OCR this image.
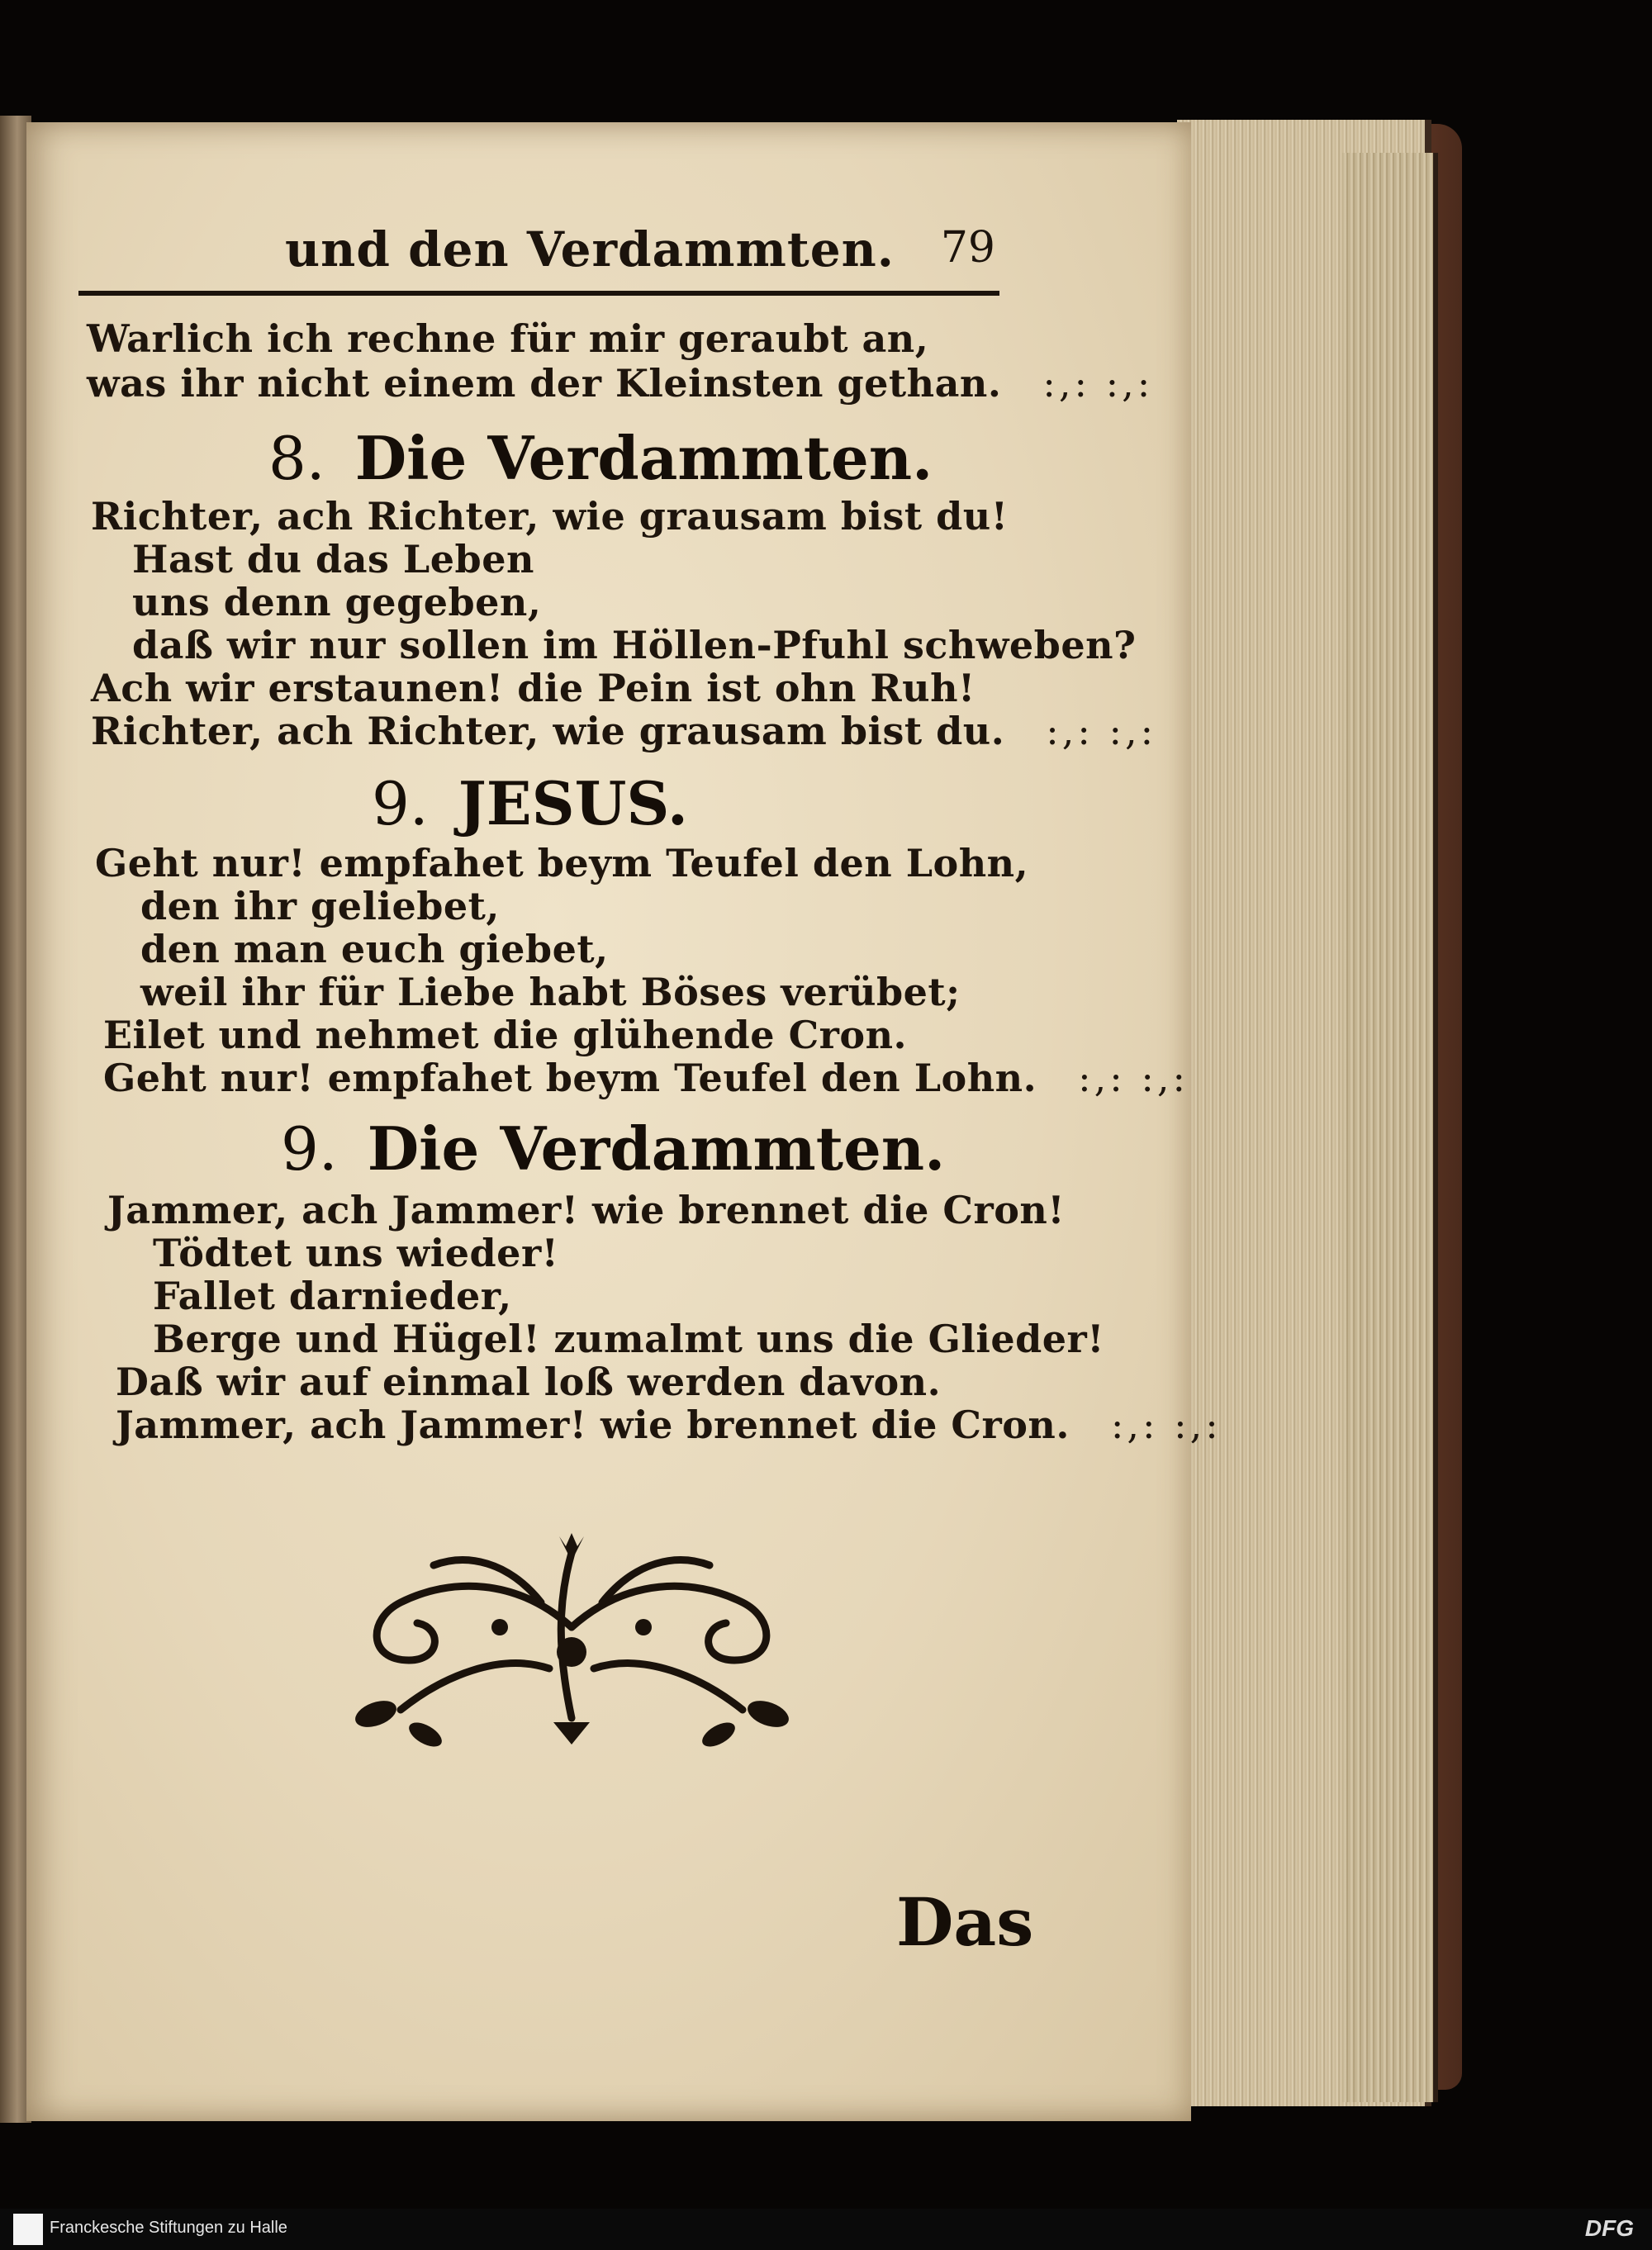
und den Verdammten. 79
Warlich ich rechne für mir geraubt an,
was ihr nicht einem der Kleinsten gethan. :,: :,:
8. Die Verdammten.
Richter, ach Richter, wie grausam bist du!
Hast du das Leben
uns denn gegeben,
daß wir nur sollen im Höllen-Pfuhl schweben?
Ach wir erstaunen! die Pein ist ohn Ruh!
Richter, ach Richter, wie grausam bist du. :,: :,:
9. JESUS.
Geht nur! empfahet beym Teufel den Lohn,
den ihr geliebet,
den man euch giebet,
weil ihr für Liebe habt Böses verübet;
Eilet und nehmet die glühende Cron.
Geht nur! empfahet beym Teufel den Lohn. :,: :,:
9. Die Verdammten.
Jammer, ach Jammer! wie brennet die Cron!
Tödtet uns wieder!
Fallet darnieder,
Berge und Hügel! zumalmt uns die Glieder!
Daß wir auf einmal loß werden davon.
Jammer, ach Jammer! wie brennet die Cron. :,: :,:
Das
Franckesche Stiftungen zu Halle	DFG
